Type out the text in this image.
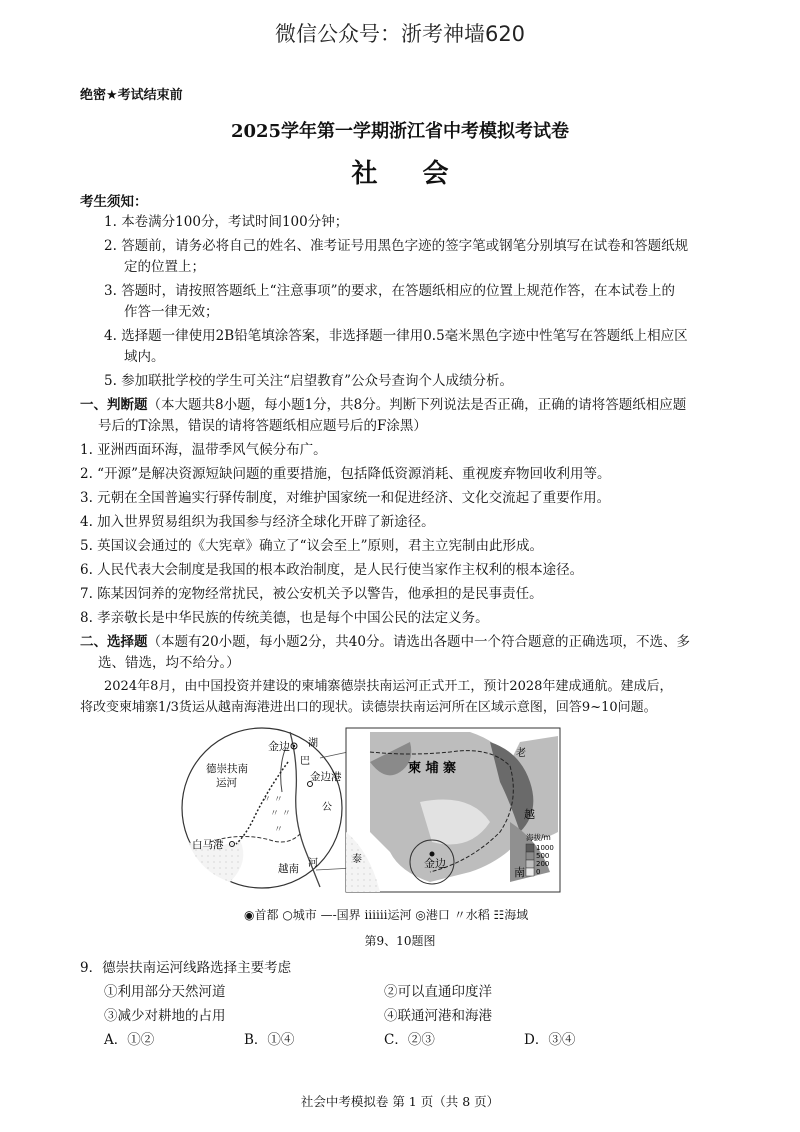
微信公众号：浙考神墙620
绝密★考试结束前
2025学年第一学期浙江省中考模拟考试卷
社 会
考生须知：
1. 本卷满分100分，考试时间100分钟；
2. 答题前，请务必将自己的姓名、准考证号用黑色字迹的签字笔或钢笔分别填写在试卷和答题纸规
定的位置上；
3. 答题时，请按照答题纸上“注意事项”的要求，在答题纸相应的位置上规范作答，在本试卷上的
作答一律无效；
4. 选择题一律使用2B铅笔填涂答案，非选择题一律用0.5毫米黑色字迹中性笔写在答题纸上相应区
域内。
5. 参加联批学校的学生可关注“启望教育”公众号查询个人成绩分析。
一、判断题（本大题共8小题，每小题1分，共8分。判断下列说法是否正确，正确的请将答题纸相应题
号后的T涂黑，错误的请将答题纸相应题号后的F涂黑）
1. 亚洲西面环海，温带季风气候分布广。
2. “开源”是解决资源短缺问题的重要措施，包括降低资源消耗、重视废弃物回收利用等。
3. 元朝在全国普遍实行驿传制度，对维护国家统一和促进经济、文化交流起了重要作用。
4. 加入世界贸易组织为我国参与经济全球化开辟了新途径。
5. 英国议会通过的《大宪章》确立了“议会至上”原则，君主立宪制由此形成。
6. 人民代表大会制度是我国的根本政治制度，是人民行使当家作主权利的根本途径。
7. 陈某因饲养的宠物经常扰民，被公安机关予以警告，他承担的是民事责任。
8. 孝亲敬长是中华民族的传统美德，也是每个中国公民的法定义务。
二、选择题（本题有20小题，每小题2分，共40分。请选出各题中一个符合题意的正确选项，不选、多
选、错选，均不给分。）
2024年8月，由中国投资并建设的柬埔寨德崇扶南运河正式开工，预计2028年建成通航。建成后，
将改变柬埔寨1/3货运从越南海港进出口的现状。读德崇扶南运河所在区域示意图，回答9~10问题。
〃 〃
〃 〃
〃
金边 湖
巴
德崇扶南
运河	金边港
公
白马港
河
越南
柬 埔 寨
金边
越
南
老
泰
海拔/m
1000
500
200
0
◉首都 ○城市 —-国界 ⅲⅲ运河 ◎港口 〃水稻 ☷海域
第9、10题图
9．德崇扶南运河线路选择主要考虑
①利用部分天然河道	②可以直通印度洋
③减少对耕地的占用	④联通河港和海港
A．①②	B．①④	C．②③	D．③④
社会中考模拟卷 第 1 页（共 8 页）
